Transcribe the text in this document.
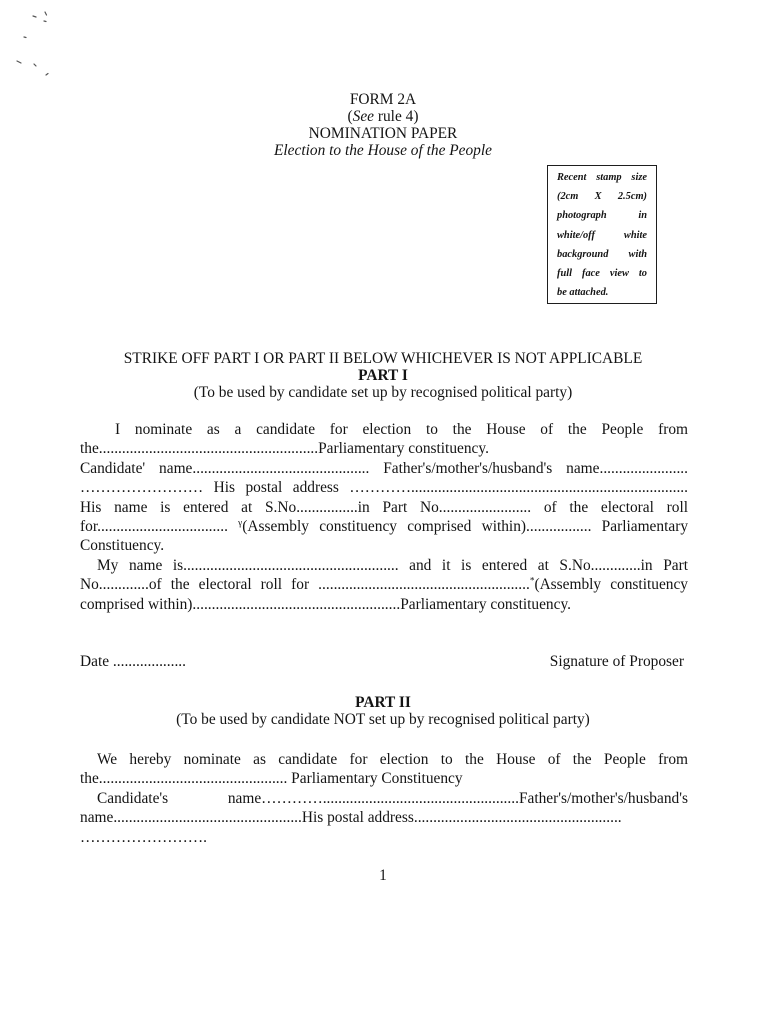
FORM 2A
(See rule 4)
NOMINATION PAPER
Election to the House of the People
Recent stamp size
(2cm X 2.5cm)
photograph in
white/off white
background with
full face view to
be attached.
STRIKE OFF PART I OR PART II BELOW WHICHEVER IS NOT APPLICABLE
PART I
(To be used by candidate set up by recognised political party)
I nominate as a candidate for election to the House of the People from
the.........................................................Parliamentary constituency.
Candidate' name.............................................. Father's/mother's/husband's name.......................
…………………… His postal address …………........................................................................
His name is entered at S.No................in Part No........................ of the electoral roll
for.................................. $^\gamma$(Assembly constituency comprised within)................. Parliamentary
Constituency.
My name is........................................................ and it is entered at S.No.............in Part
No.............of the electoral roll for .......................................................*(Assembly constituency
comprised within)......................................................Parliamentary constituency.
Date ...................	Signature of Proposer
PART II
(To be used by candidate NOT set up by recognised political party)
We hereby nominate as candidate for election to the House of the People from
the................................................. Parliamentary Constituency
Candidate's name…………...................................................Father's/mother's/husband's
name.................................................His postal address......................................................
…………………….
1
